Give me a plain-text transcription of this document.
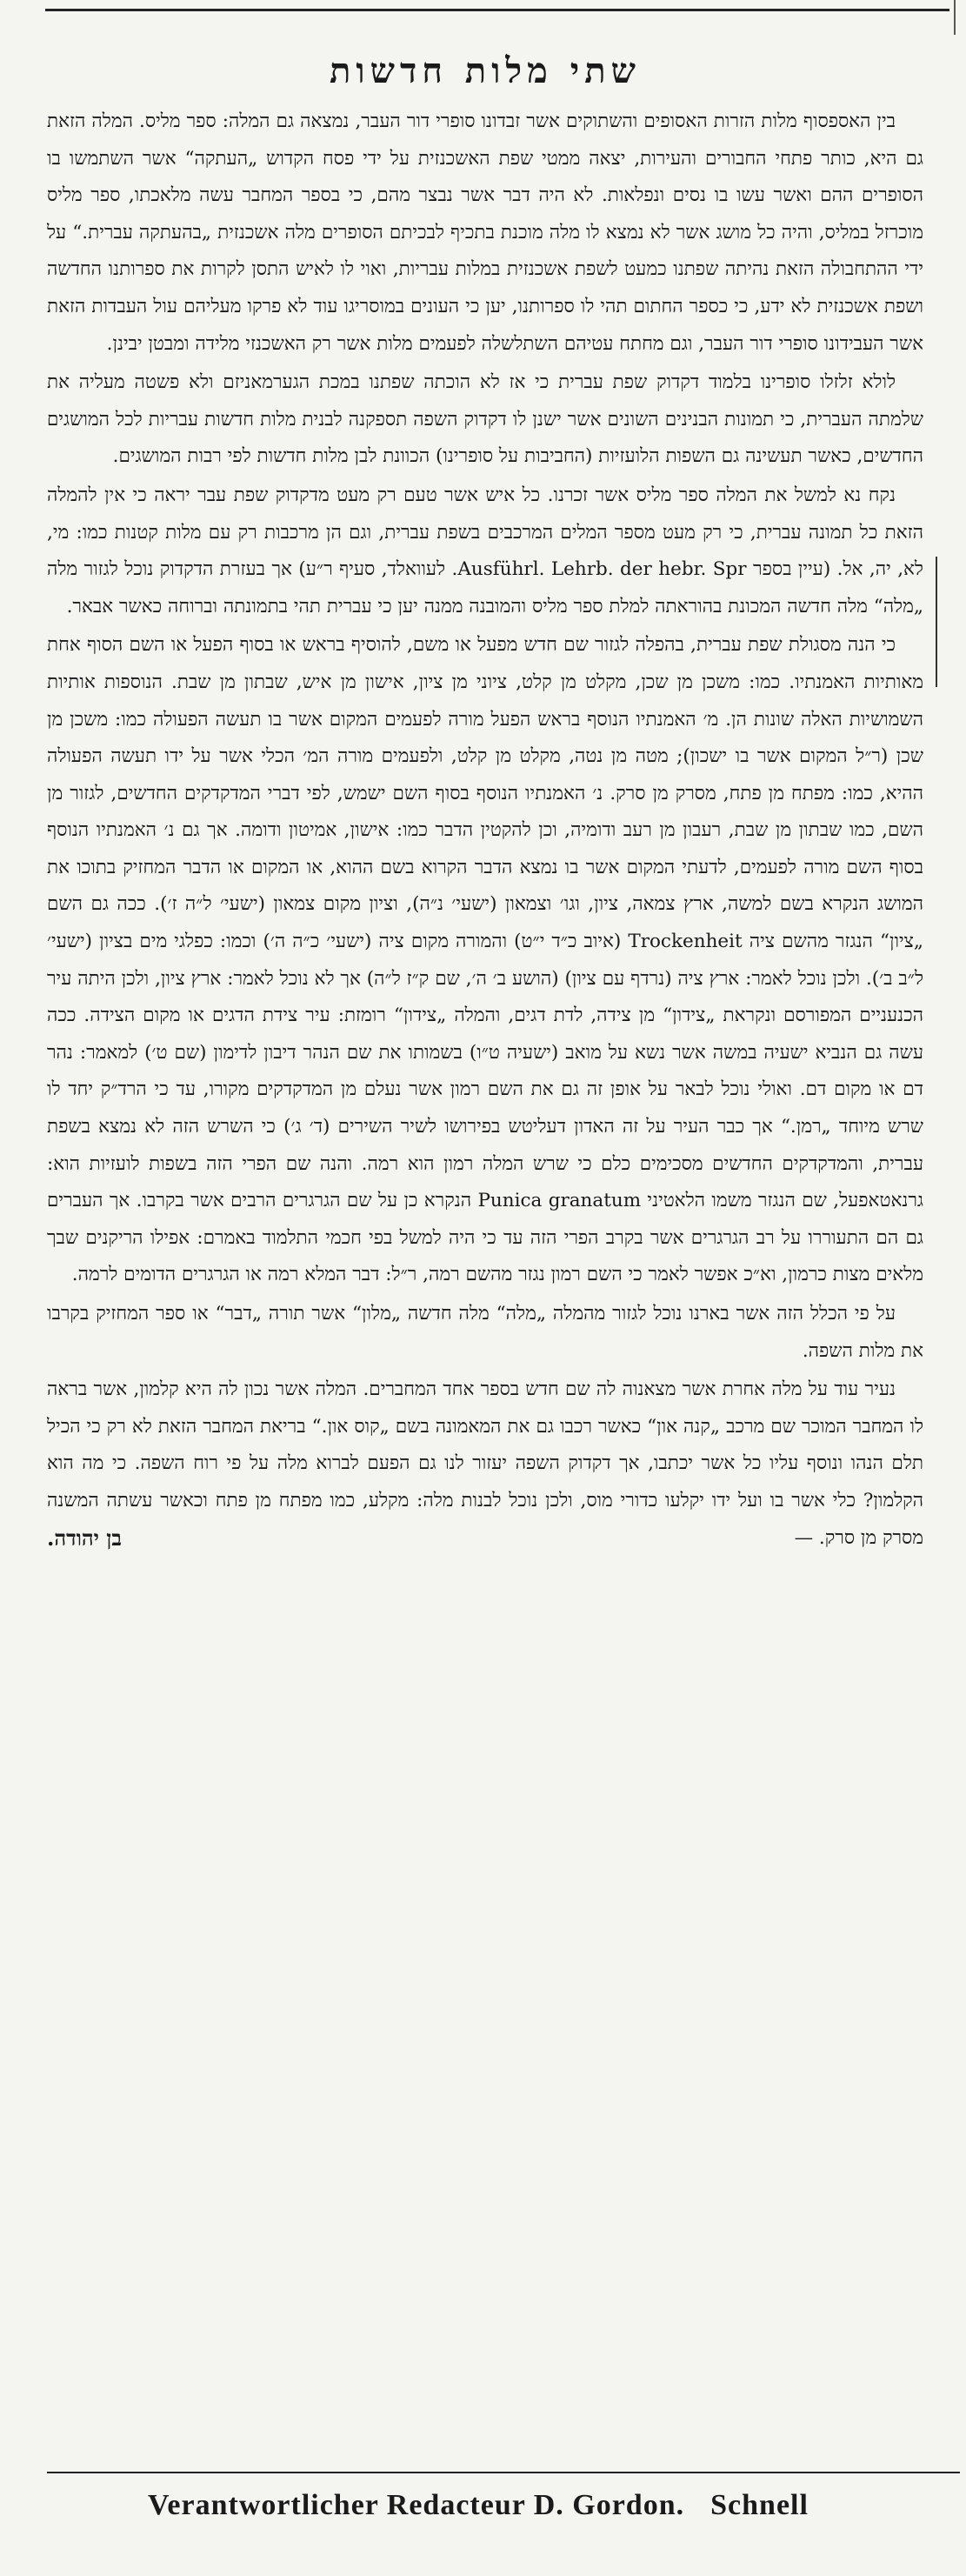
שתי מלות חדשות

בין האספסוף מלות הזרות האסופים והשתוקים אשר זבדונו סופרי דור העבר, נמצאה גם המלה: ספר מליס. המלה הזאת גם היא, כותר פתחי החבורים והעירות, יצאה ממטי שפת האשכנזית על ידי פסח הקדוש „העתקה“ אשר השתמשו בו הסופרים ההם ואשר עשו בו נסים ונפלאות. לא היה דבר אשר נבצר מהם, כי בספר המחבר עשה מלאכתו, ספר מליס מוכרזל במליס, והיה כל מושג אשר לא נמצא לו מלה מוכנת בתכיף לבכיתם הסופרים מלה אשכנזית „בהעתקה עברית.“ על ידי ההתחבולה הזאת נהיתה שפתנו כמעט לשפת אשכנזית במלות עבריות, ואוי לו לאיש התסן לקרות את ספרותנו החדשה ושפת אשכנזית לא ידע, כי כספר החתום תהי לו ספרותנו, יען כי העונים במוסריגו עוד לא פרקו מעליהם עול העבדות הזאת אשר העבידונו סופרי דור העבר, וגם מחתח עטיהם השתלשלה לפעמים מלות אשר רק האשכנזי מלידה ומבטן יבינן.

לולא זלזלו סופרינו בלמוד דקדוק שפת עברית כי אז לא הוכתה שפתנו במכת הגערמאניזם ולא פשטה מעליה את שלמתה העברית, כי תמונות הבנינים השונים אשר ישנן לו דקדוק השפה תספקנה לבנית מלות חדשות עבריות לכל המושגים החדשים, כאשר תעשינה גם השפות הלועזיות (החביבות על סופרינו) הכוונת לבן מלות חדשות לפי רבות המושגים.

נקח נא למשל את המלה ספר מליס אשר זכרנו. כל איש אשר טעם רק מעט מדקדוק שפת עבר יראה כי אין להמלה הזאת כל תמונה עברית, כי רק מעט מספר המלים המרכבים בשפת עברית, וגם הן מרכבות רק עם מלות קטנות כמו: מי, לא, יה, אל. (עיין בספר Ausführl. Lehrb. der hebr. Spr. לעוואלד, סעיף ר״ע) אך בעזרת הדקדוק נוכל לגזור מלה „מלה“ מלה חדשה המכונת בהוראתה למלת ספר מליס והמובנה ממנה יען כי עברית תהי בתמונתה וברוחה כאשר אבאר.

כי הנה מסגולת שפת עברית, בהפלה לגזור שם חדש מפעל או משם, להוסיף בראש או בסוף הפעל או השם הסוף אחת מאותיות האמנתיו. כמו: משכן מן שכן, מקלט מן קלט, ציוני מן ציון, אישון מן איש, שבתון מן שבת. הנוספות אותיות השמושיות האלה שונות הן. מ׳ האמנתיו הנוסף בראש הפעל מורה לפעמים המקום אשר בו תעשה הפעולה כמו: משכן מן שכן (ר״ל המקום אשר בו ישכון); מטה מן נטה, מקלט מן קלט, ולפעמים מורה המ׳ הכלי אשר על ידו תעשה הפעולה ההיא, כמו: מפתח מן פתח, מסרק מן סרק. נ׳ האמנתיו הנוסף בסוף השם ישמש, לפי דברי המדקדקים החדשים, לגזור מן השם, כמו שבתון מן שבת, רעבון מן רעב ודומיה, וכן להקטין הדבר כמו: אישון, אמיטון ודומה. אך גם נ׳ האמנתיו הנוסף בסוף השם מורה לפעמים, לדעתי המקום אשר בו נמצא הדבר הקרוא בשם ההוא, או המקום או הדבר המחזיק בתוכו את המושג הנקרא בשם למשה, ארץ צמאה, ציון, וגו׳ וצמאון (ישעי׳ נ״ה), וציון מקום צמאון (ישעי׳ ל״ה ז׳). ככה גם השם „ציון“ הנגזר מהשם ציה Trockenheit (איוב כ״ד י״ט) והמורה מקום ציה (ישעי׳ כ״ה ה׳) וכמו: כפלגי מים בציון (ישעי׳ ל״ב ב׳). ולכן נוכל לאמר: ארץ ציה (נרדף עם ציון) (הושע ב׳ ה׳, שם ק״ז ל״ה) אך לא נוכל לאמר: ארץ ציון, ולכן היתה עיר הכנעניים המפורסם ונקראת „צידון“ מן צידה, לדת דגים, והמלה „צידון“ רומזת: עיר צידת הדגים או מקום הצידה. ככה עשה גם הנביא ישעיה במשה אשר נשא על מואב (ישעיה ט״ו) בשמותו את שם הנהר דיבון לדימון (שם ט׳) למאמר: נהר דם או מקום דם. ואולי נוכל לבאר על אופן זה גם את השם רמון אשר נעלם מן המדקדקים מקורו, עד כי הרד״ק יחד לו שרש מיוחד „רמן.“ אך כבר העיר על זה האדון דעליטש בפירושו לשיר השירים (ד׳ ג׳) כי השרש הזה לא נמצא בשפת עברית, והמדקדקים החדשים מסכימים כלם כי שרש המלה רמון הוא רמה. והנה שם הפרי הזה בשפות לועזיות הוא: גרנאטאפעל, שם הנגזר משמו הלאטיני Punica granatum הנקרא כן על שם הגרגרים הרבים אשר בקרבו. אך העברים גם הם התעוררו על רב הגרגרים אשר בקרב הפרי הזה עד כי היה למשל בפי חכמי התלמוד באמרם: אפילו הריקנים שבך מלאים מצות כרמון, וא״כ אפשר לאמר כי השם רמון נגזר מהשם רמה, ר״ל: דבר המלא רמה או הגרגרים הדומים לרמה.

על פי הכלל הזה אשר בארנו נוכל לגזור מהמלה „מלה“ מלה חדשה „מלון“ אשר תורה „דבר“ או ספר המחזיק בקרבו את מלות השפה.

נעיר עוד על מלה אחרת אשר מצאנוה לה שם חדש בספר אחד המחברים. המלה אשר נכון לה היא קלמון, אשר בראה לו המחבר המוכר שם מרכב „קנה און“ כאשר רכבו גם את המאמונה בשם „קוס און.“ בריאת המחבר הזאת לא רק כי הכיל תלם הנהו ונוסף עליו כל אשר יכתבו, אך דקדוק השפה יעזור לנו גם הפעם לברוא מלה על פי רוח השפה. כי מה הוא הקלמון? כלי אשר בו ועל ידו יקלעו כדורי מוס, ולכן נוכל לבנות מלה: מקלע, כמו מפתח מן פתח וכאשר עשתה המשנה מסרק מן סרק. —
בן יהודה.

Verantwortlicher Redacteur D. Gordon. Schnell
